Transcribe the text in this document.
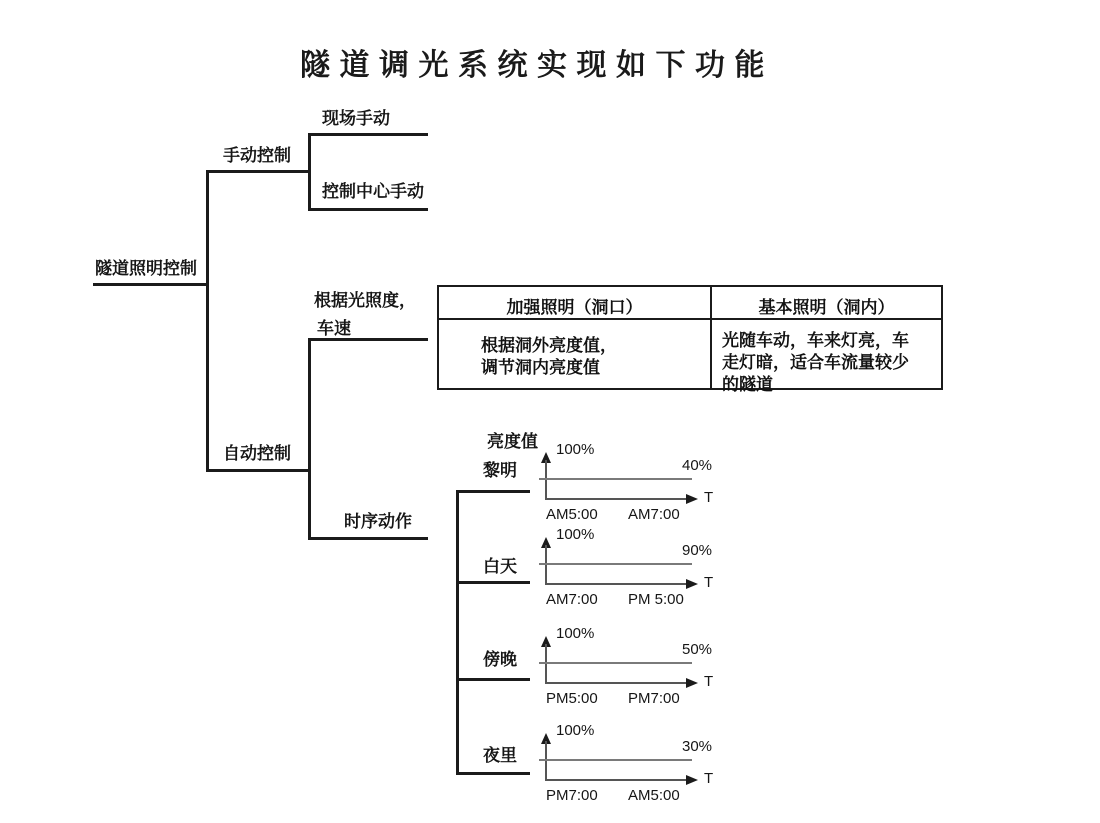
隧道调光系统实现如下功能
隧道照明控制
手动控制
现场手动
控制中心手动
自动控制
根据光照度，
车速
时序动作
加强照明（洞口）	基本照明（洞内）
根据洞外亮度值，
调节洞内亮度值
光随车动，车来灯亮，车
走灯暗，适合车流量较少
的隧道
亮度值
黎明
白天
傍晚
夜里
100%
40%
T
AM5:00 AM7:00
100%
90%
T
AM7:00 PM 5:00
100%
50%
T
PM5:00 PM7:00
100%
30%
T
PM7:00 AM5:00
